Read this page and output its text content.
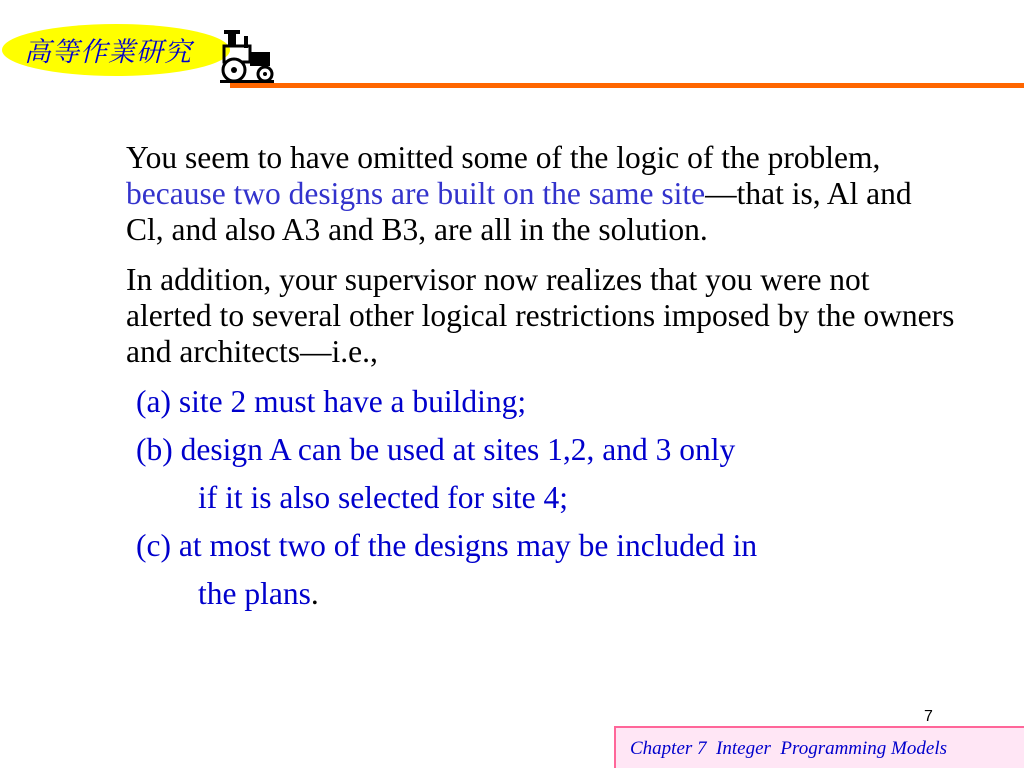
高等作業研究

You seem to have omitted some of the logic of the problem, because two designs are built on the same site—that is, Al and Cl, and also A3 and B3, are all in the solution.

In addition, your supervisor now realizes that you were not alerted to several other logical restrictions imposed by the owners and architects—i.e.,

(a) site 2 must have a building;
(b) design A can be used at sites 1,2, and 3 only
if it is also selected for site 4;
(c) at most two of the designs may be included in
the plans.
7
Chapter 7  Integer  Programming Models
